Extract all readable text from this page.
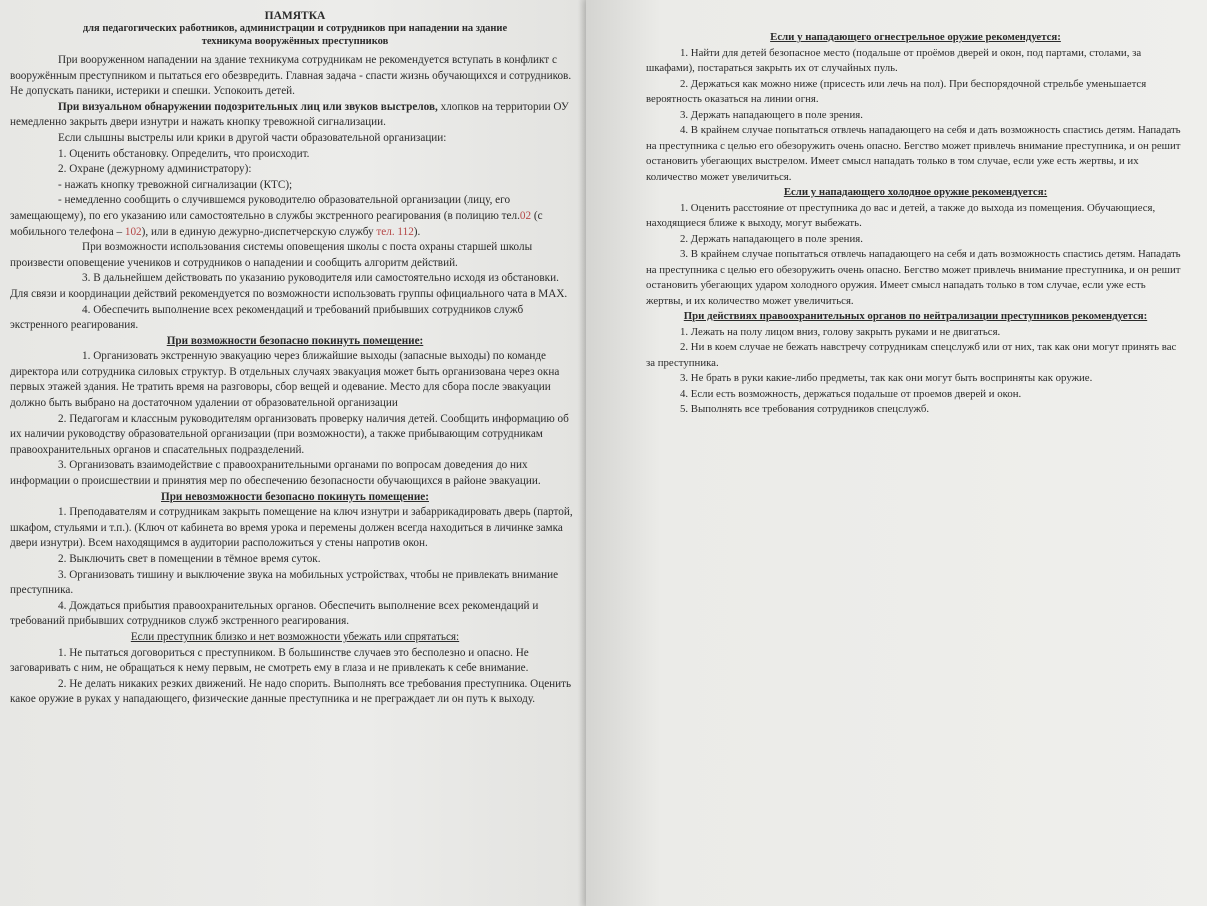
ПАМЯТКА
для педагогических работников, администрации и сотрудников при нападении на здание
техникума вооружённых преступников

При вооруженном нападении на здание техникума сотрудникам не рекомендуется вступать в конфликт с вооружённым преступником и пытаться его обезвредить. Главная задача - спасти жизнь обучающихся и сотрудников. Не допускать паники, истерики и спешки. Успокоить детей.

При визуальном обнаружении подозрительных лиц или звуков выстрелов, хлопков на территории ОУ немедленно закрыть двери изнутри и нажать кнопку тревожной сигнализации.

Если слышны выстрелы или крики в другой части образовательной организации:

1. Оценить обстановку. Определить, что происходит.

2. Охране (дежурному администратору):

- нажать кнопку тревожной сигнализации (КТС);

- немедленно сообщить о случившемся руководителю образовательной организации (лицу, его замещающему), по его указанию или самостоятельно в службы экстренного реагирования (в полицию тел.02 (с мобильного телефона – 102), или в единую дежурно-диспетчерскую службу тел. 112).

При возможности использования системы оповещения школы с поста охраны старшей школы произвести оповещение учеников и сотрудников о нападении и сообщить алгоритм действий.

3. В дальнейшем действовать по указанию руководителя или самостоятельно исходя из обстановки. Для связи и координации действий рекомендуется по возможности использовать группы официального чата в MAX.

4. Обеспечить выполнение всех рекомендаций и требований прибывших сотрудников служб экстренного реагирования.

При возможности безопасно покинуть помещение:

1. Организовать экстренную эвакуацию через ближайшие выходы (запасные выходы) по команде директора или сотрудника силовых структур. В отдельных случаях эвакуация может быть организована через окна первых этажей здания. Не тратить время на разговоры, сбор вещей и одевание. Место для сбора после эвакуации должно быть выбрано на достаточном удалении от образовательной организации

2. Педагогам и классным руководителям организовать проверку наличия детей. Сообщить информацию об их наличии руководству образовательной организации (при возможности), а также прибывающим сотрудникам правоохранительных органов и спасательных подразделений.

3. Организовать взаимодействие с правоохранительными органами по вопросам доведения до них информации о происшествии и принятия мер по обеспечению безопасности обучающихся в районе эвакуации.

При невозможности безопасно покинуть помещение:

1. Преподавателям и сотрудникам закрыть помещение на ключ изнутри и забаррикадировать дверь (партой, шкафом, стульями и т.п.). (Ключ от кабинета во время урока и перемены должен всегда находиться в личинке замка двери изнутри). Всем находящимся в аудитории расположиться у стены напротив окон.

2. Выключить свет в помещении в тёмное время суток.

3. Организовать тишину и выключение звука на мобильных устройствах, чтобы не привлекать внимание преступника.

4. Дождаться прибытия правоохранительных органов. Обеспечить выполнение всех рекомендаций и требований прибывших сотрудников служб экстренного реагирования.

Если преступник близко и нет возможности убежать или спрятаться:

1. Не пытаться договориться с преступником. В большинстве случаев это бесполезно и опасно. Не заговаривать с ним, не обращаться к нему первым, не смотреть ему в глаза и не привлекать к себе внимание.

2. Не делать никаких резких движений. Не надо спорить. Выполнять все требования преступника. Оценить какое оружие в руках у нападающего, физические данные преступника и не преграждает ли он путь к выходу.

Если у нападающего огнестрельное оружие рекомендуется:

1. Найти для детей безопасное место (подальше от проёмов дверей и окон, под партами, столами, за шкафами), постараться закрыть их от случайных пуль.

2. Держаться как можно ниже (присесть или лечь на пол). При беспорядочной стрельбе уменьшается вероятность оказаться на линии огня.

3. Держать нападающего в поле зрения.

4. В крайнем случае попытаться отвлечь нападающего на себя и дать возможность спастись детям. Нападать на преступника с целью его обезоружить очень опасно. Бегство может привлечь внимание преступника, и он решит остановить убегающих выстрелом. Имеет смысл нападать только в том случае, если уже есть жертвы, и их количество может увеличиться.

Если у нападающего холодное оружие рекомендуется:

1. Оценить расстояние от преступника до вас и детей, а также до выхода из помещения. Обучающиеся, находящиеся ближе к выходу, могут выбежать.

2. Держать нападающего в поле зрения.

3. В крайнем случае попытаться отвлечь нападающего на себя и дать возможность спастись детям. Нападать на преступника с целью его обезоружить очень опасно. Бегство может привлечь внимание преступника, и он решит остановить убегающих ударом холодного оружия. Имеет смысл нападать только в том случае, если уже есть жертвы, и их количество может увеличиться.

При действиях правоохранительных органов по нейтрализации преступников рекомендуется:

1. Лежать на полу лицом вниз, голову закрыть руками и не двигаться.

2. Ни в коем случае не бежать навстречу сотрудникам спецслужб или от них, так как они могут принять вас за преступника.

3. Не брать в руки какие-либо предметы, так как они могут быть восприняты как оружие.

4. Если есть возможность, держаться подальше от проемов дверей и окон.

5. Выполнять все требования сотрудников спецслужб.
